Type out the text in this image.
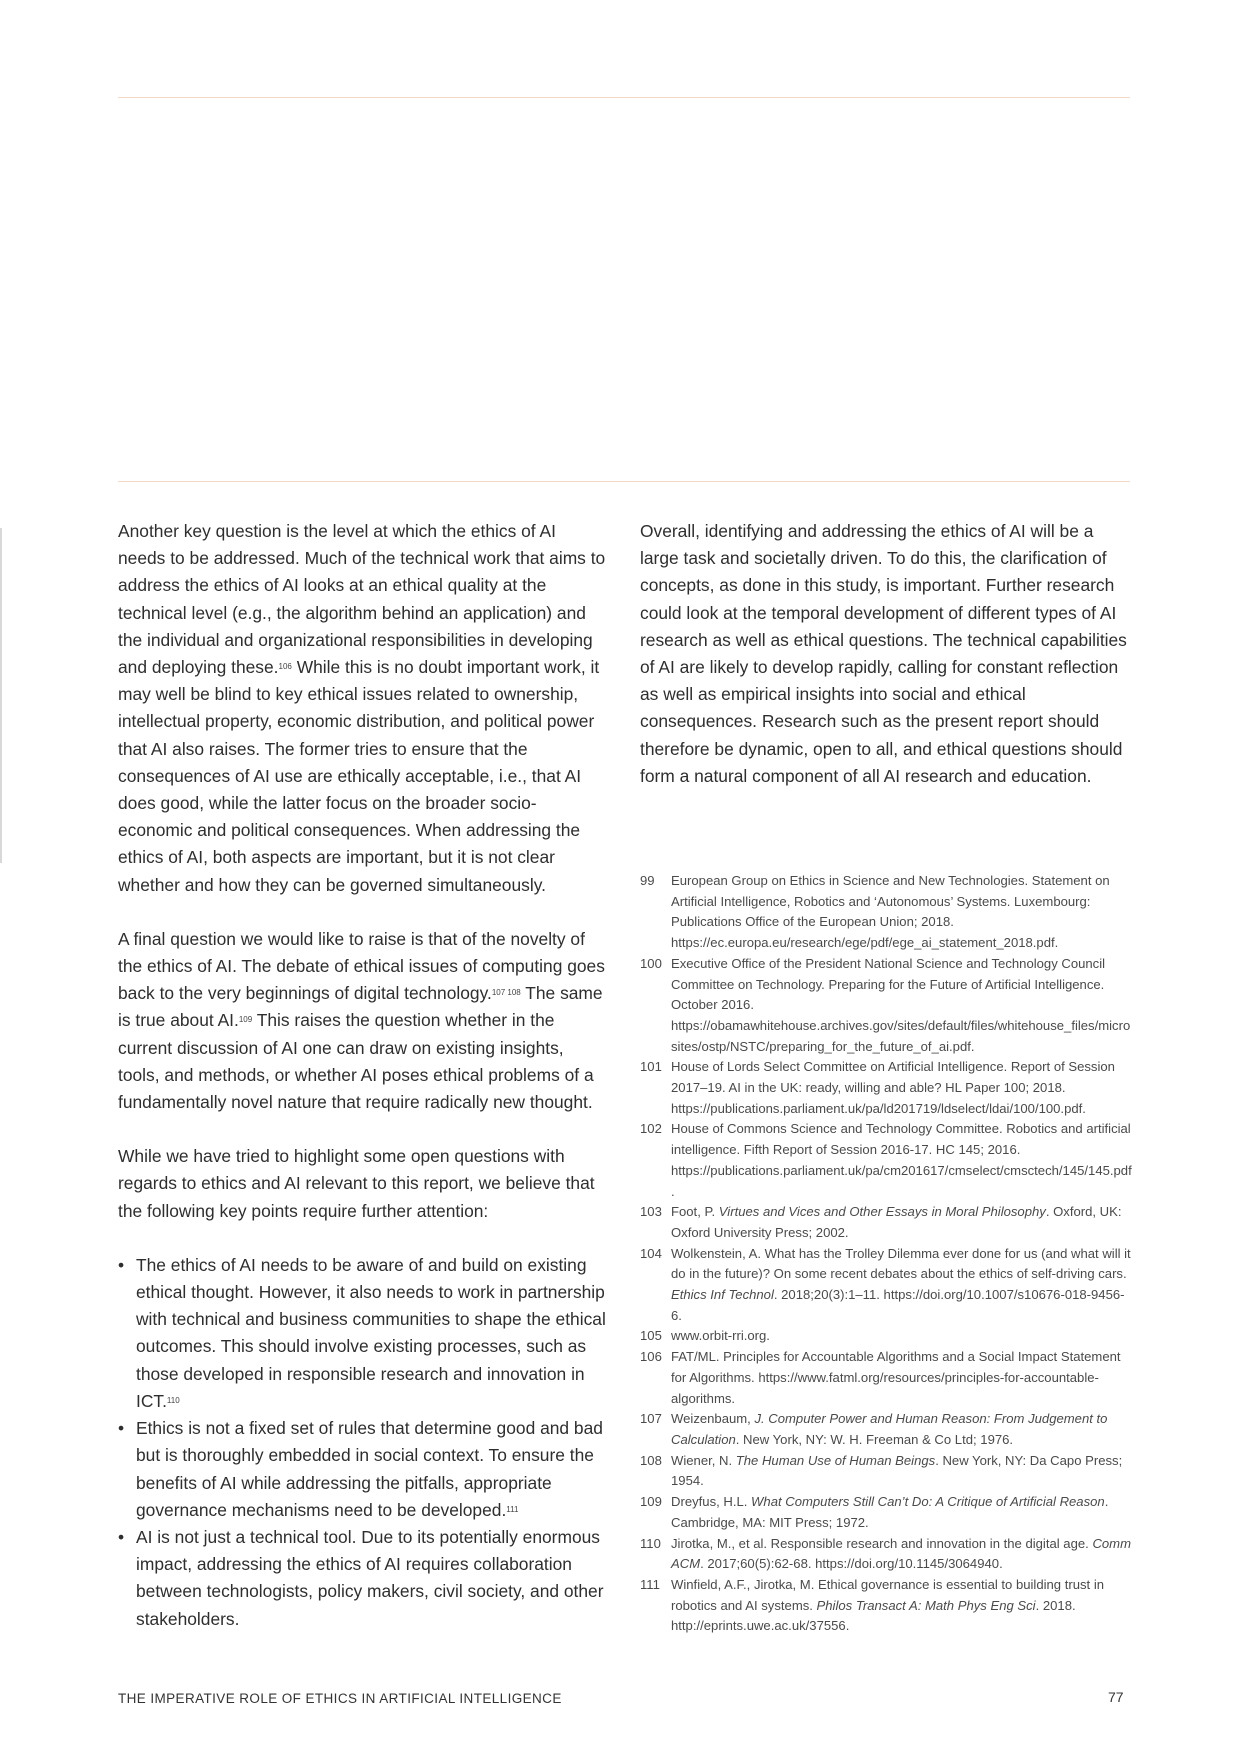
Another key question is the level at which the ethics of AI needs to be addressed. Much of the technical work that aims to address the ethics of AI looks at an ethical quality at the technical level (e.g., the algorithm behind an application) and the individual and organizational responsibilities in developing and deploying these.$^{106}$ While this is no doubt important work, it may well be blind to key ethical issues related to ownership, intellectual property, economic distribution, and political power that AI also raises. The former tries to ensure that the consequences of AI use are ethically acceptable, i.e., that AI does good, while the latter focus on the broader socio-economic and political consequences. When addressing the ethics of AI, both aspects are important, but it is not clear whether and how they can be governed simultaneously.

A final question we would like to raise is that of the novelty of the ethics of AI. The debate of ethical issues of computing goes back to the very beginnings of digital technology.$^{107 108}$ The same is true about AI.$^{109}$ This raises the question whether in the current discussion of AI one can draw on existing insights, tools, and methods, or whether AI poses ethical problems of a fundamentally novel nature that require radically new thought.

While we have tried to highlight some open questions with regards to ethics and AI relevant to this report, we believe that the following key points require further attention:

• The ethics of AI needs to be aware of and build on existing ethical thought. However, it also needs to work in partnership with technical and business communities to shape the ethical outcomes. This should involve existing processes, such as those developed in responsible research and innovation in ICT.$^{110}$
• Ethics is not a fixed set of rules that determine good and bad but is thoroughly embedded in social context. To ensure the benefits of AI while addressing the pitfalls, appropriate governance mechanisms need to be developed.$^{111}$
• AI is not just a technical tool. Due to its potentially enormous impact, addressing the ethics of AI requires collaboration between technologists, policy makers, civil society, and other stakeholders.

Overall, identifying and addressing the ethics of AI will be a large task and societally driven. To do this, the clarification of concepts, as done in this study, is important. Further research could look at the temporal development of different types of AI research as well as ethical questions. The technical capabilities of AI are likely to develop rapidly, calling for constant reflection as well as empirical insights into social and ethical consequences. Research such as the present report should therefore be dynamic, open to all, and ethical questions should form a natural component of all AI research and education.

99	European Group on Ethics in Science and New Technologies. Statement on Artificial Intelligence, Robotics and ‘Autonomous’ Systems. Luxembourg: Publications Office of the European Union; 2018. https://ec.europa.eu/research/ege/pdf/ege_ai_statement_2018.pdf.
100 Executive Office of the President National Science and Technology Council Committee on Technology. Preparing for the Future of Artificial Intelligence. October 2016. https://obamawhitehouse.archives.gov/sites/default/files/whitehouse_files/microsites/ostp/NSTC/preparing_for_the_future_of_ai.pdf.
101 House of Lords Select Committee on Artificial Intelligence. Report of Session 2017–19. AI in the UK: ready, willing and able? HL Paper 100; 2018. https://publications.parliament.uk/pa/ld201719/ldselect/ldai/100/100.pdf.
102 House of Commons Science and Technology Committee. Robotics and artificial intelligence. Fifth Report of Session 2016-17. HC 145; 2016. https://publications.parliament.uk/pa/cm201617/cmselect/cmsctech/145/145.pdf.
103 Foot, P. Virtues and Vices and Other Essays in Moral Philosophy. Oxford, UK: Oxford University Press; 2002.
104 Wolkenstein, A. What has the Trolley Dilemma ever done for us (and what will it do in the future)? On some recent debates about the ethics of self-driving cars. Ethics Inf Technol. 2018;20(3):1–11. https://doi.org/10.1007/s10676-018-9456-6.
105 www.orbit-rri.org.
106 FAT/ML. Principles for Accountable Algorithms and a Social Impact Statement for Algorithms. https://www.fatml.org/resources/principles-for-accountable-algorithms.
107 Weizenbaum, J. Computer Power and Human Reason: From Judgement to Calculation. New York, NY: W. H. Freeman & Co Ltd; 1976.
108 Wiener, N. The Human Use of Human Beings. New York, NY: Da Capo Press; 1954.
109 Dreyfus, H.L. What Computers Still Can’t Do: A Critique of Artificial Reason. Cambridge, MA: MIT Press; 1972.
110 Jirotka, M., et al. Responsible research and innovation in the digital age. Comm ACM. 2017;60(5):62-68. https://doi.org/10.1145/3064940.
111 Winfield, A.F., Jirotka, M. Ethical governance is essential to building trust in robotics and AI systems. Philos Transact A: Math Phys Eng Sci. 2018. http://eprints.uwe.ac.uk/37556.
THE IMPERATIVE ROLE OF ETHICS IN ARTIFICIAL INTELLIGENCE	77
